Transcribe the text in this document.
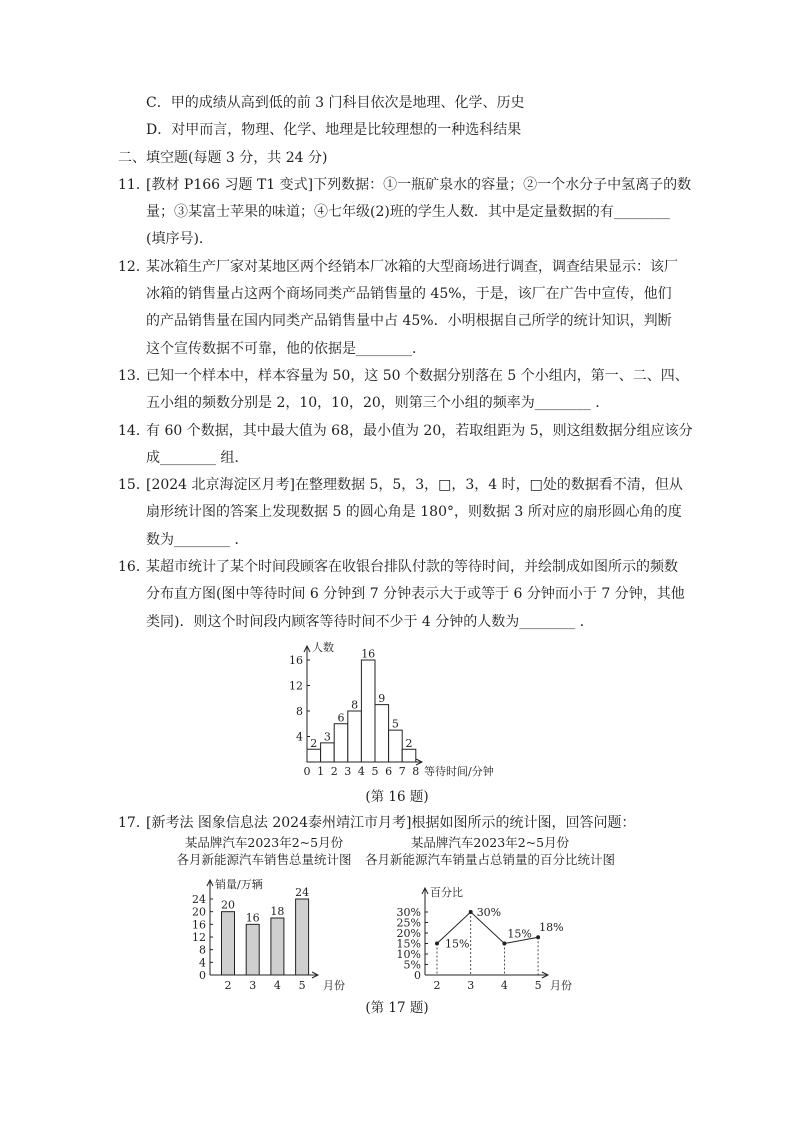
C．甲的成绩从高到低的前 3 门科目依次是地理、化学、历史
D．对甲而言，物理、化学、地理是比较理想的一种选科结果
二、填空题(每题 3 分，共 24 分)
11．[教材 P166 习题 T1 变式]下列数据：①一瓶矿泉水的容量；②一个水分子中氢离子的数
量；③某富士苹果的味道；④七年级(2)班的学生人数．其中是定量数据的有________
(填序号)．
12．某冰箱生产厂家对某地区两个经销本厂冰箱的大型商场进行调查，调查结果显示：该厂
冰箱的销售量占这两个商场同类产品销售量的 45%，于是，该厂在广告中宣传，他们
的产品销售量在国内同类产品销售量中占 45%．小明根据自己所学的统计知识，判断
这个宣传数据不可靠，他的依据是________．
13．已知一个样本中，样本容量为 50，这 50 个数据分别落在 5 个小组内，第一、二、四、
五小组的频数分别是 2，10，10，20，则第三个小组的频率为________ ．
14．有 60 个数据，其中最大值为 68，最小值为 20，若取组距为 5，则这组数据分组应该分
成________ 组．
15．[2024 北京海淀区月考]在整理数据 5，5，3，□，3，4 时，□处的数据看不清，但从
扇形统计图的答案上发现数据 5 的圆心角是 180°，则数据 3 所对应的扇形圆心角的度
数为________ ．
16．某超市统计了某个时间段顾客在收银台排队付款的等待时间，并绘制成如图所示的频数
分布直方图(图中等待时间 6 分钟到 7 分钟表示大于或等于 6 分钟而小于 7 分钟，其他
类同)．则这个时间段内顾客等待时间不少于 4 分钟的人数为________ ．
人数
4
8
12
16
0 1 2 3 4 5 6 7 8
2 3
6
8
16
9
5
2
等待时间/分钟
(第 16 题)
17．[新考法 图象信息法 2024泰州靖江市月考]根据如图所示的统计图，回答问题：
某品牌汽车2023年2~5月份
各月新能源汽车销售总量统计图
销量/万辆
0
4
8
12
16
20
24
2 3 4 5
20
16 18
24
月份
某品牌汽车2023年2~5月份
各月新能源汽车销量占总销量的百分比统计图
百分比
0
5%
10%
15%
20%
25%
30%
2 3 4 5
15%
30%
15% 18%
月份
(第 17 题)
